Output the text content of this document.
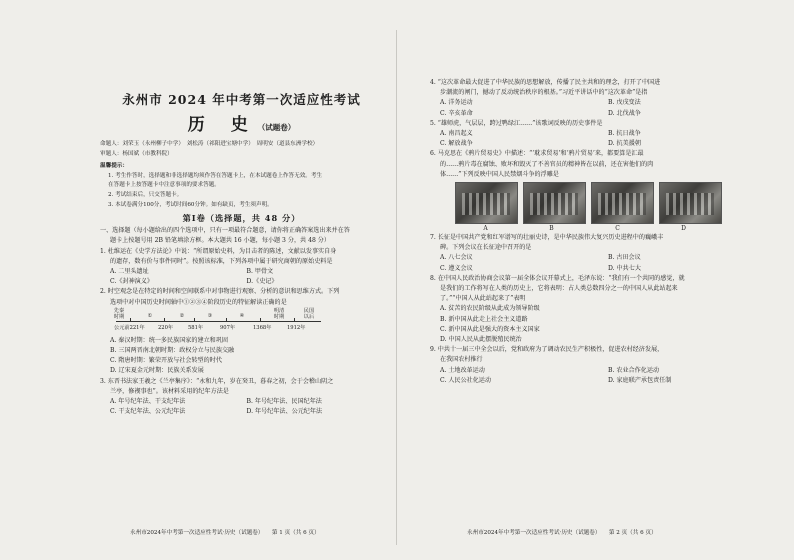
永州市 2024 年中考第一次适应性考试
历 史（试题卷）
命题人：刘荣玉（永州柳子中学）　刘松涛（祁阳进宝塘中学）　周明安（道县东洲学校）
审题人：杨国斌（市教科院）
温馨提示：
1. 考生作答时，选择题和非选择题均须作答在答题卡上，在本试题卷上作答无效。考生
在答题卡上按答题卡中注意事项的要求答题。
2. 考试结束后，只交答题卡。
3. 本试卷满分100分，考试时间60分钟。如有缺页，考生须声明。
第Ⅰ卷（选择题，共 48 分）
一、选择题（每小题给出的四个选项中，只有一项最符合题意，请你将正确答案选出来并在答
题卡上按题号用 2B 铅笔填涂方框。本大题共 16 小题，每小题 3 分，共 48 分）
1. 杜维运在《史学方法论》中说：“所谓原始史料，为目击者的陈述，文献以发事实自身
的遗存，数有价与事件同时”。按照该标准，下列各项中属于研究商朝的原始史料是
A. 二里头遗址	B. 甲骨文
C.《封神演义》	D.《史记》
2. 时空观念是在特定的时间和空间联系中对事物进行观察、分析的意识和思维方式。下列
选项中对中国历史时间轴中①②③④阶段历史的特征解读正确的是
先秦
时期	①	②	③	④
明清
时期
民国
以后
公元前221年	220年	581年	907年	1368年	1912年
A. 秦汉时期：统一多民族国家的建立和巩固
B. 三国两晋南北朝时期：政权分立与民族交融
C. 隋唐时期：繁荣开放与社会转型的时代
D. 辽宋夏金元时期：民族关系发展
3. 东晋书法家王羲之《兰亭集序》：“永和九年，岁在癸丑，暮春之初，会于会稽山阴之
兰亭，修禊事也”。该材料采用的纪年方法是
A. 年号纪年法、干支纪年法	B. 年号纪年法、民国纪年法
C. 干支纪年法、公元纪年法	D. 年号纪年法、公元纪年法
永州市2024年中考第一次适应性考试·历史（试题卷）　　第 1 页（共 6 页）
4. “这次革命最大促进了中华民族的思想解放，传播了民主共和的理念，打开了中国进
步潮流的闸门，撼动了反动统治秩序的根基。”习近平讲话中的“这次革命”是指
A. 洋务运动	B. 戊戌变法
C. 辛亥革命	D. 北伐战争
5. “雄师虎，气层层，跨过鸭绿江……”该歌词反映的历史事件是
A. 南昌起义	B. 抗日战争
C. 解放战争	D. 抗美援朝
6. 马克思在《鸦片贸易史》中描述：“‘耽求贸易’和‘鸦片贸易’来，都要算是汇最
的……鸦片毒在腐蚀、败坏和毁灭了不善官员的精神皆在以前，还在害他们的肉
体……”下列反映中国人民禁烟斗争的浮雕是
A	B	C	D
7. 长征是中国共产党和红军谱写的壮丽史诗，是中华民族伟大复兴历史进程中的巍峨丰
碑。下列会议在长征途中召开的是
A. 八七会议	B. 古田会议
C. 遵义会议	D. 中共七大
8. 在中国人民政治协商会议第一届全体会议开幕式上，毛泽东说：“我们有一个共同的感觉，就
是我们的工作将写在人类的历史上，它将表明：占人类总数四分之一的中国人从此站起来
了。”“中国人从此站起来了”表明
A. 贫苦的农民阶级从此成为领导阶级
B. 新中国从此走上社会主义道路
C. 新中国从此是强大的资本主义国家
D. 中国人民从此摆脱殖民统治
9. 中共十一届三中全会以后，党和政府为了调动农民生产积极性，促进农村经济发展，
在我国农村推行
A. 土地改革运动	B. 农业合作化运动
C. 人民公社化运动	D. 家庭联产承包责任制
永州市2024年中考第一次适应性考试·历史（试题卷）　　第 2 页（共 6 页）
